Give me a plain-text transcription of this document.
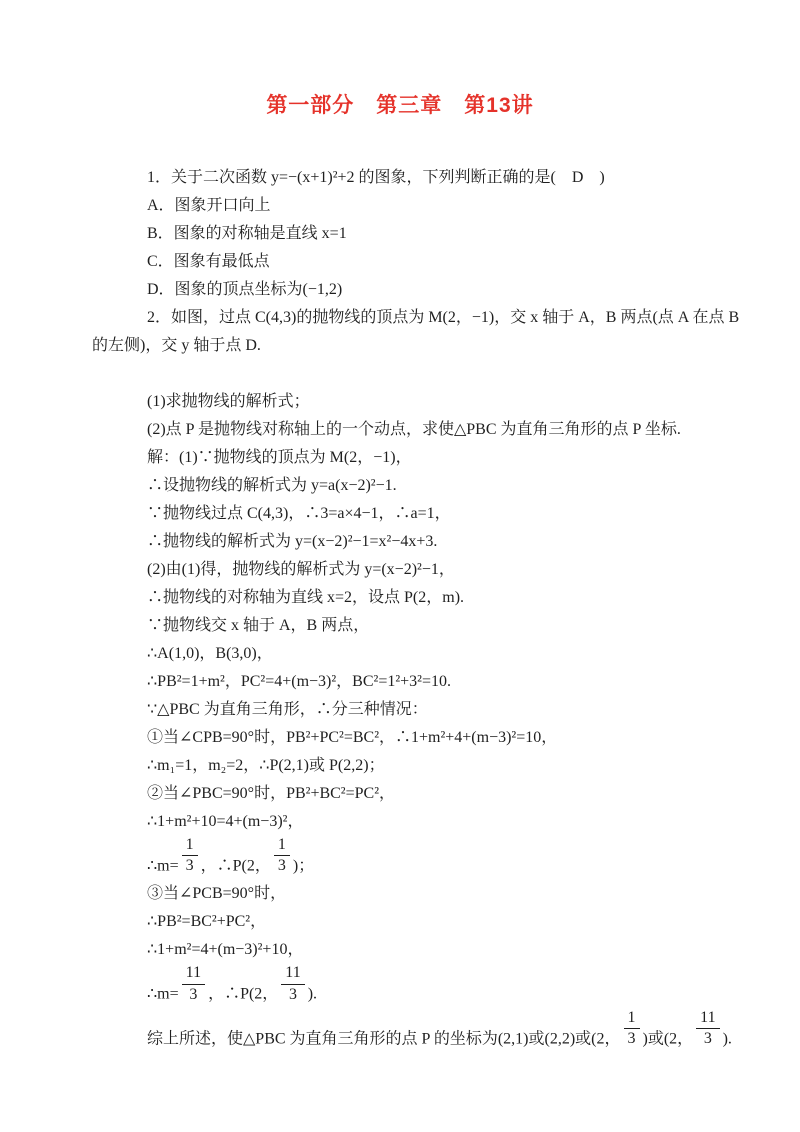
第一部分　第三章　第13讲
1．关于二次函数 y=−(x+1)²+2 的图象，下列判断正确的是(　D　)
A．图象开口向上
B．图象的对称轴是直线 x=1
C．图象有最低点
D．图象的顶点坐标为(−1,2)
2．如图，过点 C(4,3)的抛物线的顶点为 M(2，−1)，交 x 轴于 A，B 两点(点 A 在点 B
的左侧)，交 y 轴于点 D.
(1)求抛物线的解析式；
(2)点 P 是抛物线对称轴上的一个动点，求使△PBC 为直角三角形的点 P 坐标.
解：(1)∵抛物线的顶点为 M(2，−1)，
∴设抛物线的解析式为 y=a(x−2)²−1.
∵抛物线过点 C(4,3)，∴3=a×4−1，∴a=1，
∴抛物线的解析式为 y=(x−2)²−1=x²−4x+3.
(2)由(1)得，抛物线的解析式为 y=(x−2)²−1，
∴抛物线的对称轴为直线 x=2，设点 P(2，m).
∵抛物线交 x 轴于 A，B 两点，
∴A(1,0)，B(3,0)，
∴PB²=1+m²，PC²=4+(m−3)²，BC²=1²+3²=10.
∵△PBC 为直角三角形，∴分三种情况：
①当∠CPB=90°时，PB²+PC²=BC²，∴1+m²+4+(m−3)²=10，
∴m₁=1，m₂=2，∴P(2,1)或 P(2,2)；
②当∠PBC=90°时，PB²+BC²=PC²，
∴1+m²+10=4+(m−3)²，
∴m= $\frac{1}{3}$ ，∴P(2， $\frac{1}{3}$ )；
③当∠PCB=90°时，
∴PB²=BC²+PC²，
∴1+m²=4+(m−3)²+10，
∴m= $\frac{11}{3}$ ，∴P(2， $\frac{11}{3}$ ).
综上所述，使△PBC 为直角三角形的点 P 的坐标为(2,1)或(2,2)或(2， $\frac{1}{3}$ )或(2， $\frac{11}{3}$ ).
